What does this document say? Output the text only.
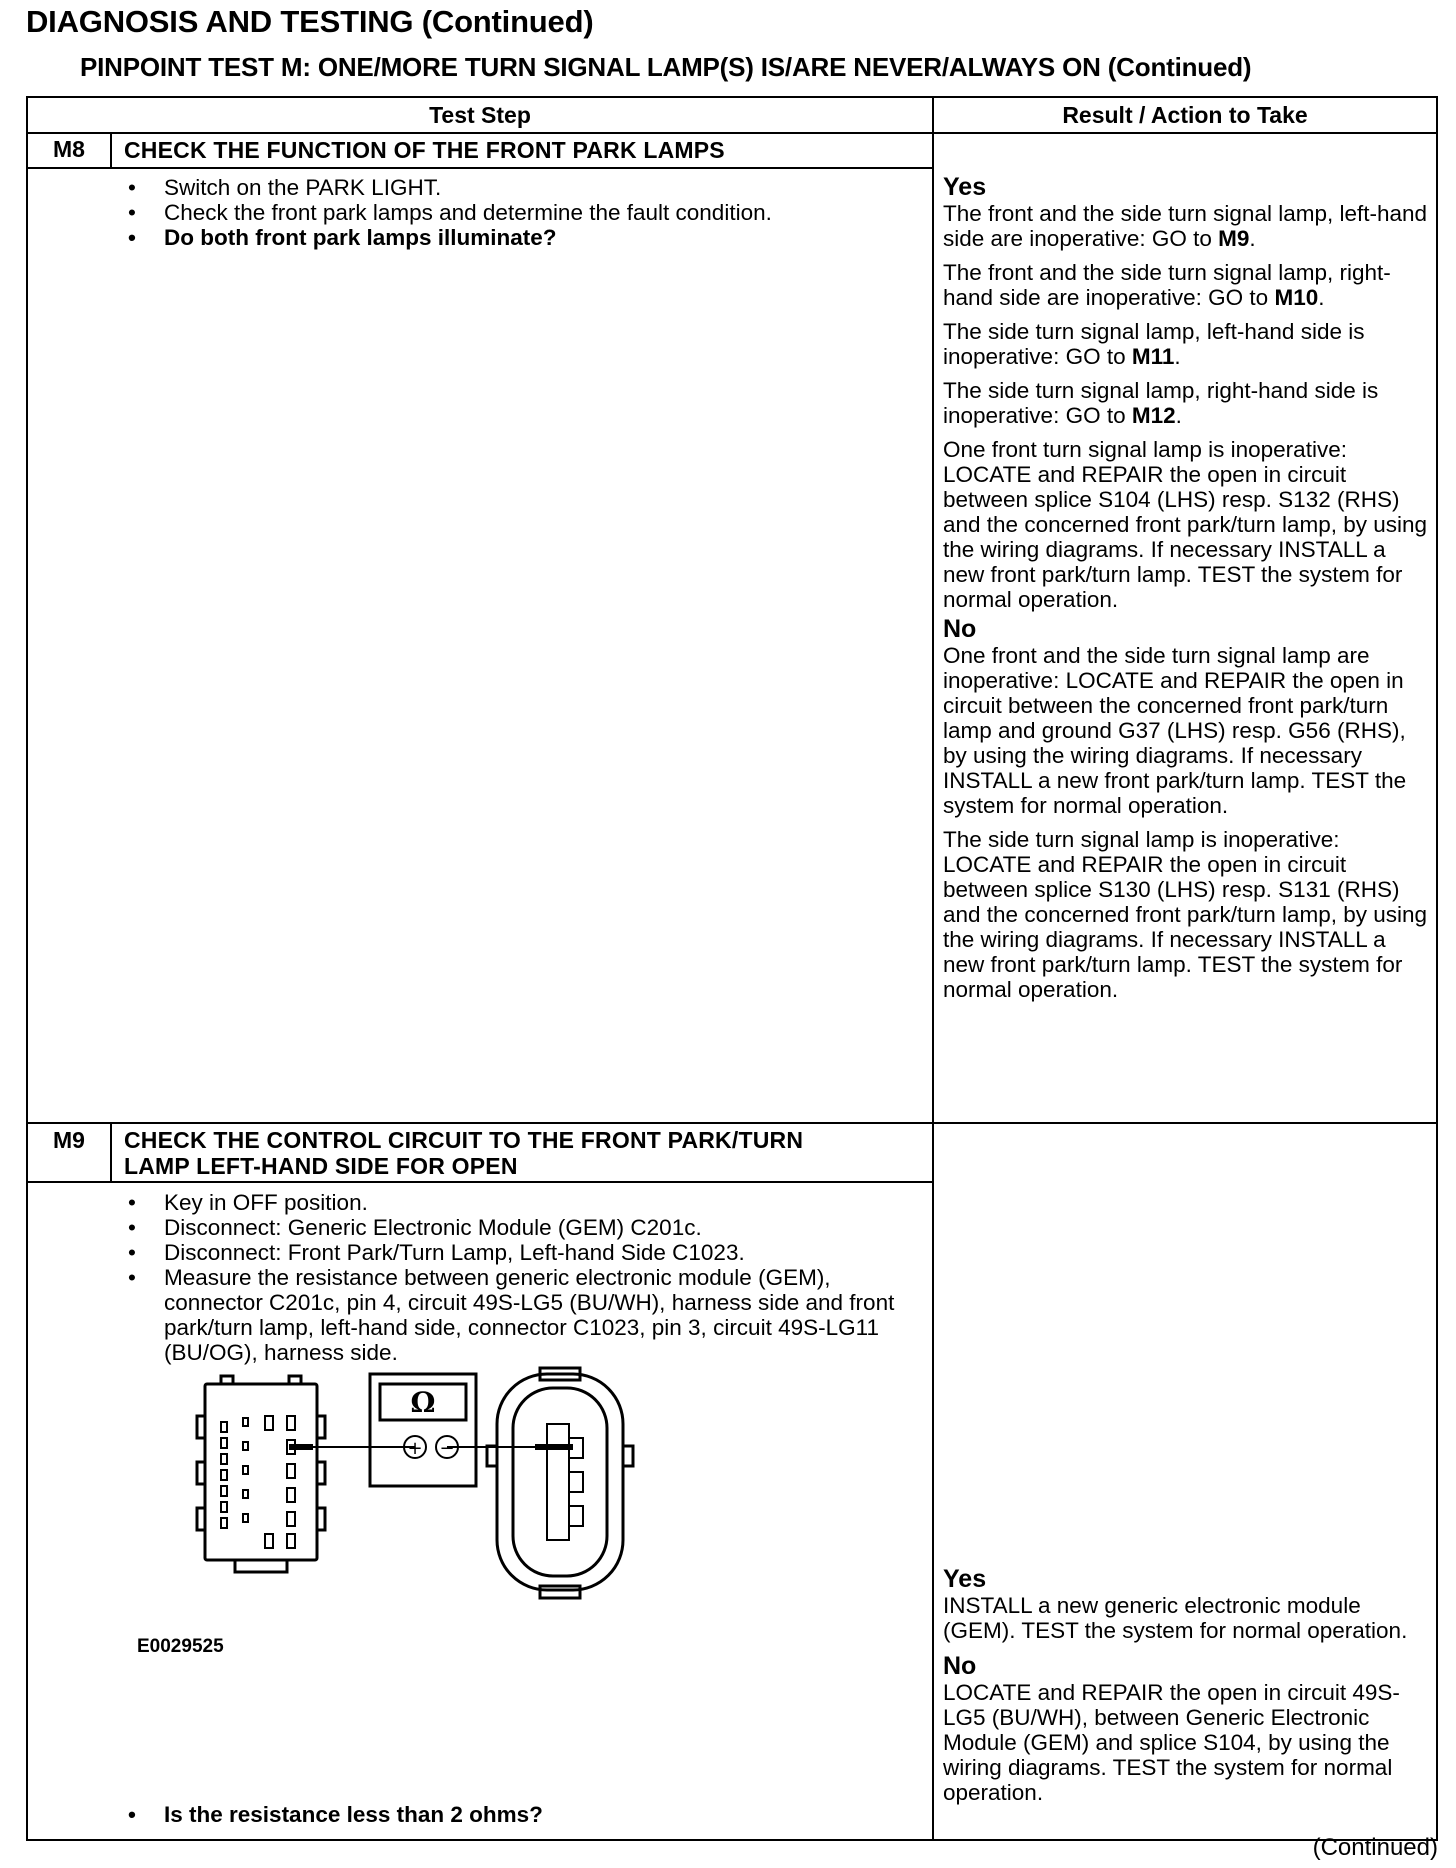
DIAGNOSIS AND TESTING (Continued)
PINPOINT TEST M: ONE/MORE TURN SIGNAL LAMP(S) IS/ARE NEVER/ALWAYS ON (Continued)
Test Step	Result / Action to Take
M8	CHECK THE FUNCTION OF THE FRONT PARK LAMPS
• Switch on the PARK LIGHT.
• Check the front park lamps and determine the fault condition.
• Do both front park lamps illuminate?
Yes

The front and the side turn signal lamp, left-hand side are inoperative: GO to M9.

The front and the side turn signal lamp, right-hand side are inoperative: GO to M10.

The side turn signal lamp, left-hand side is inoperative: GO to M11.

The side turn signal lamp, right-hand side is inoperative: GO to M12.

One front turn signal lamp is inoperative: LOCATE and REPAIR the open in circuit between splice S104 (LHS) resp. S132 (RHS) and the concerned front park/turn lamp, by using the wiring diagrams. If necessary INSTALL a new front park/turn lamp. TEST the system for normal operation.

No

One front and the side turn signal lamp are inoperative: LOCATE and REPAIR the open in circuit between the concerned front park/turn lamp and ground G37 (LHS) resp. G56 (RHS), by using the wiring diagrams. If necessary INSTALL a new front park/turn lamp. TEST the system for normal operation.

The side turn signal lamp is inoperative: LOCATE and REPAIR the open in circuit between splice S130 (LHS) resp. S131 (RHS) and the concerned front park/turn lamp, by using the wiring diagrams. If necessary INSTALL a new front park/turn lamp. TEST the system for normal operation.

M9	CHECK THE CONTROL CIRCUIT TO THE FRONT PARK/TURN
LAMP LEFT-HAND SIDE FOR OPEN
• Key in OFF position.
• Disconnect: Generic Electronic Module (GEM) C201c.
• Disconnect: Front Park/Turn Lamp, Left-hand Side C1023.
• Measure the resistance between generic electronic module (GEM), connector C201c, pin 4, circuit 49S-LG5 (BU/WH), harness side and front park/turn lamp, left-hand side, connector C1023, pin 3, circuit 49S-LG11 (BU/OG), harness side.
• Is the resistance less than 2 ohms?
Yes

INSTALL a new generic electronic module (GEM). TEST the system for normal operation.

No

LOCATE and REPAIR the open in circuit 49S-LG5 (BU/WH), between Generic Electronic Module (GEM) and splice S104, by using the wiring diagrams. TEST the system for normal operation.

Ω
+ −
E0029525
(Continued)
